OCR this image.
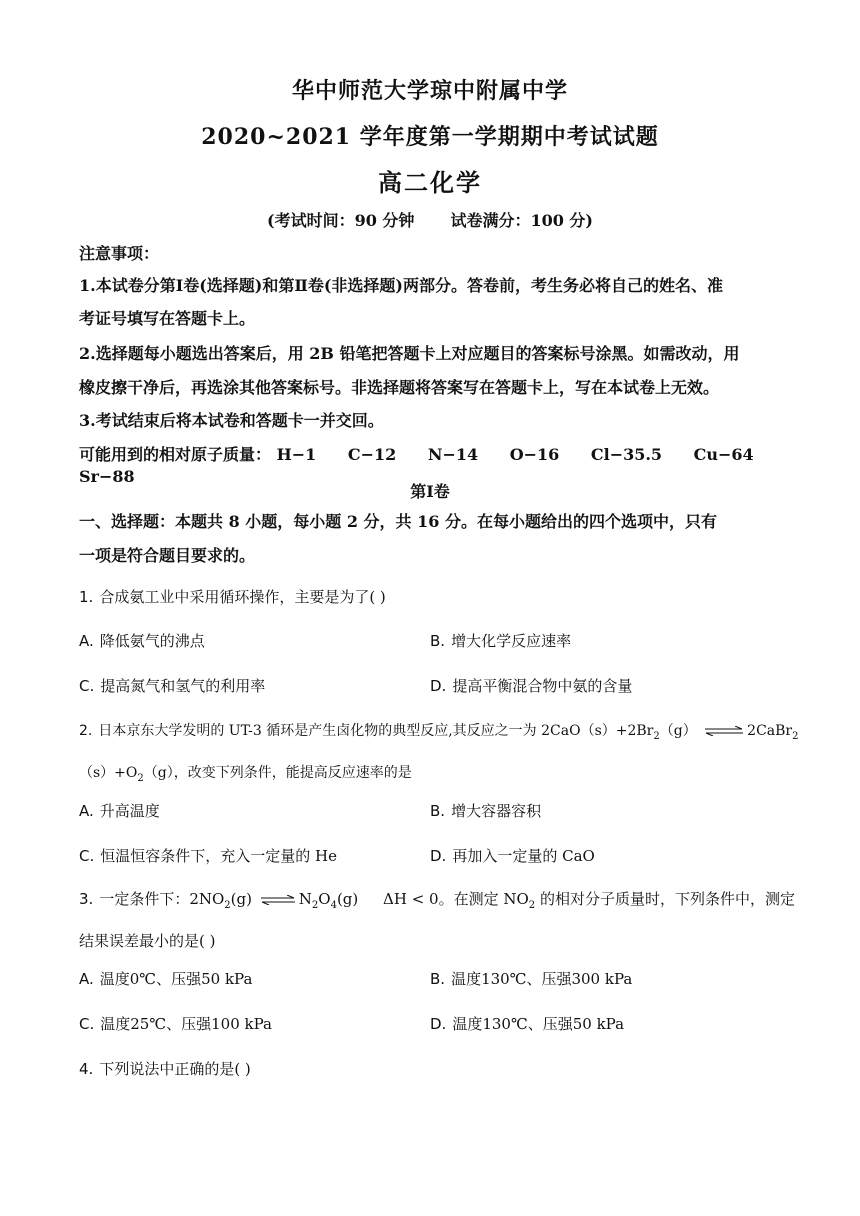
华中师范大学琼中附属中学
2020~2021 学年度第一学期期中考试试题
高二化学
(考试时间：90 分钟 试卷满分：100 分)
注意事项：
1.本试卷分第Ⅰ卷(选择题)和第Ⅱ卷(非选择题)两部分。答卷前，考生务必将自己的姓名、准
考证号填写在答题卡上。
2.选择题每小题选出答案后，用 2B 铅笔把答题卡上对应题目的答案标号涂黑。如需改动，用
橡皮擦干净后，再选涂其他答案标号。非选择题将答案写在答题卡上，写在本试卷上无效。
3.考试结束后将本试卷和答题卡一并交回。
可能用到的相对原子质量： H−1 C−12 N−14 O−16 Cl−35.5 Cu−64 Sr−88
第Ⅰ卷
一、选择题：本题共 8 小题，每小题 2 分，共 16 分。在每小题给出的四个选项中，只有
一项是符合题目要求的。
1. 合成氨工业中采用循环操作，主要是为了( )
A. 降低氨气的沸点	B. 增大化学反应速率
C. 提高氮气和氢气的利用率	D. 提高平衡混合物中氨的含量
2. 日本京东大学发明的 UT-3 循环是产生卤化物的典型反应,其反应之一为 $2CaO(s)+2Br_2(g)$ ⇌ 2CaBr$_2$
$(s)+O_2(g)$，改变下列条件，能提高反应速率的是
A. 升高温度	B. 增大容器容积
C. 恒温恒容条件下，充入一定量的 He	D. 再加入一定量的 CaO
3. 一定条件下：$2NO_2(g)$ ⇌ $N_2O_4(g) \Delta H < 0$。在测定 $NO_2$ 的相对分子质量时，下列条件中，测定
结果误差最小的是( )
A. 温度0℃、压强50 kPa	B. 温度130℃、压强300 kPa
C. 温度25℃、压强100 kPa	D. 温度130℃、压强50 kPa
4. 下列说法中正确的是( )
